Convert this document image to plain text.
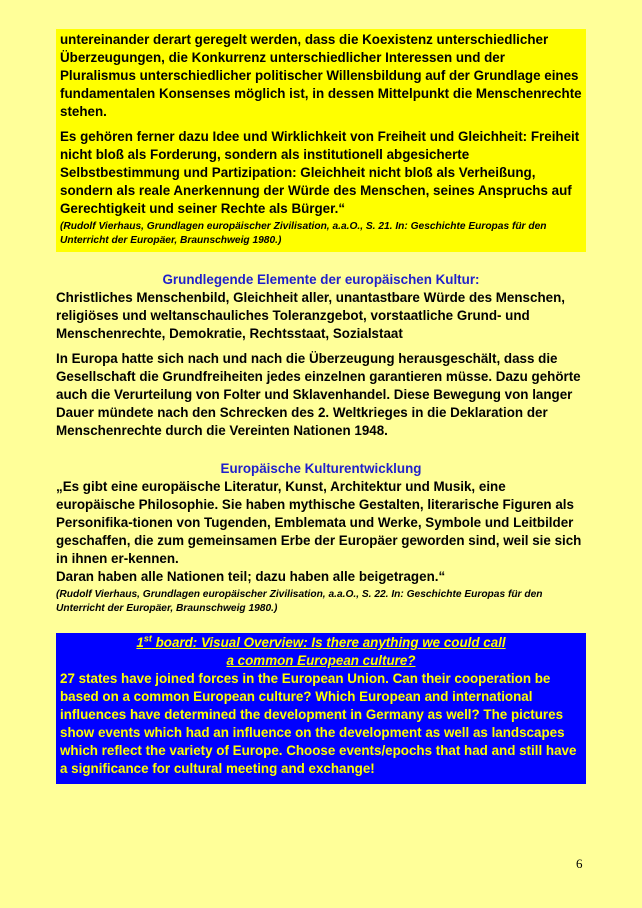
untereinander derart geregelt werden, dass die Koexistenz unterschiedlicher Überzeugungen, die Konkurrenz unterschiedlicher Interessen und der Pluralismus unterschiedlicher politischer Willensbildung auf der Grundlage eines fundamentalen Konsenses möglich ist, in dessen Mittelpunkt die Menschenrechte stehen.

Es gehören ferner dazu Idee und Wirklichkeit von Freiheit und Gleichheit: Freiheit nicht bloß als Forderung, sondern als institutionell abgesicherte Selbstbestimmung und Partizipation: Gleichheit nicht bloß als Verheißung, sondern als reale Anerkennung der Würde des Menschen, seines Anspruchs auf Gerechtigkeit und seiner Rechte als Bürger.“

(Rudolf Vierhaus, Grundlagen europäischer Zivilisation, a.a.O., S. 21. In: Geschichte Europas für den Unterricht der Europäer, Braunschweig 1980.)

Grundlegende Elemente der europäischen Kultur:

Christliches Menschenbild, Gleichheit aller, unantastbare Würde des Menschen, religiöses und weltanschauliches Toleranzgebot, vorstaatliche Grund- und Menschenrechte, Demokratie, Rechtsstaat, Sozialstaat

In Europa hatte sich nach und nach die Überzeugung herausgeschält, dass die Gesellschaft die Grundfreiheiten jedes einzelnen garantieren müsse. Dazu gehörte auch die Verurteilung von Folter und Sklavenhandel. Diese Bewegung von langer Dauer mündete nach den Schrecken des 2. Weltkrieges in die Deklaration der Menschenrechte durch die Vereinten Nationen 1948.

Europäische Kulturentwicklung

„Es gibt eine europäische Literatur, Kunst, Architektur und Musik, eine europäische Philosophie. Sie haben mythische Gestalten, literarische Figuren als Personifika-tionen von Tugenden, Emblemata und Werke, Symbole und Leitbilder geschaffen, die zum gemeinsamen Erbe der Europäer geworden sind, weil sie sich in ihnen er-kennen.

Daran haben alle Nationen teil; dazu haben alle beigetragen.“

(Rudolf Vierhaus, Grundlagen europäischer Zivilisation, a.a.O., S. 22. In: Geschichte Europas für den Unterricht der Europäer, Braunschweig 1980.)

1st board: Visual Overview: Is there anything we could call
a common European culture?

27 states have joined forces in the European Union. Can their cooperation be based on a common European culture? Which European and international influences have determined the development in Germany as well? The pictures show events which had an influence on the development as well as landscapes which reflect the variety of Europe. Choose events/epochs that had and still have a significance for cultural meeting and exchange!

6
